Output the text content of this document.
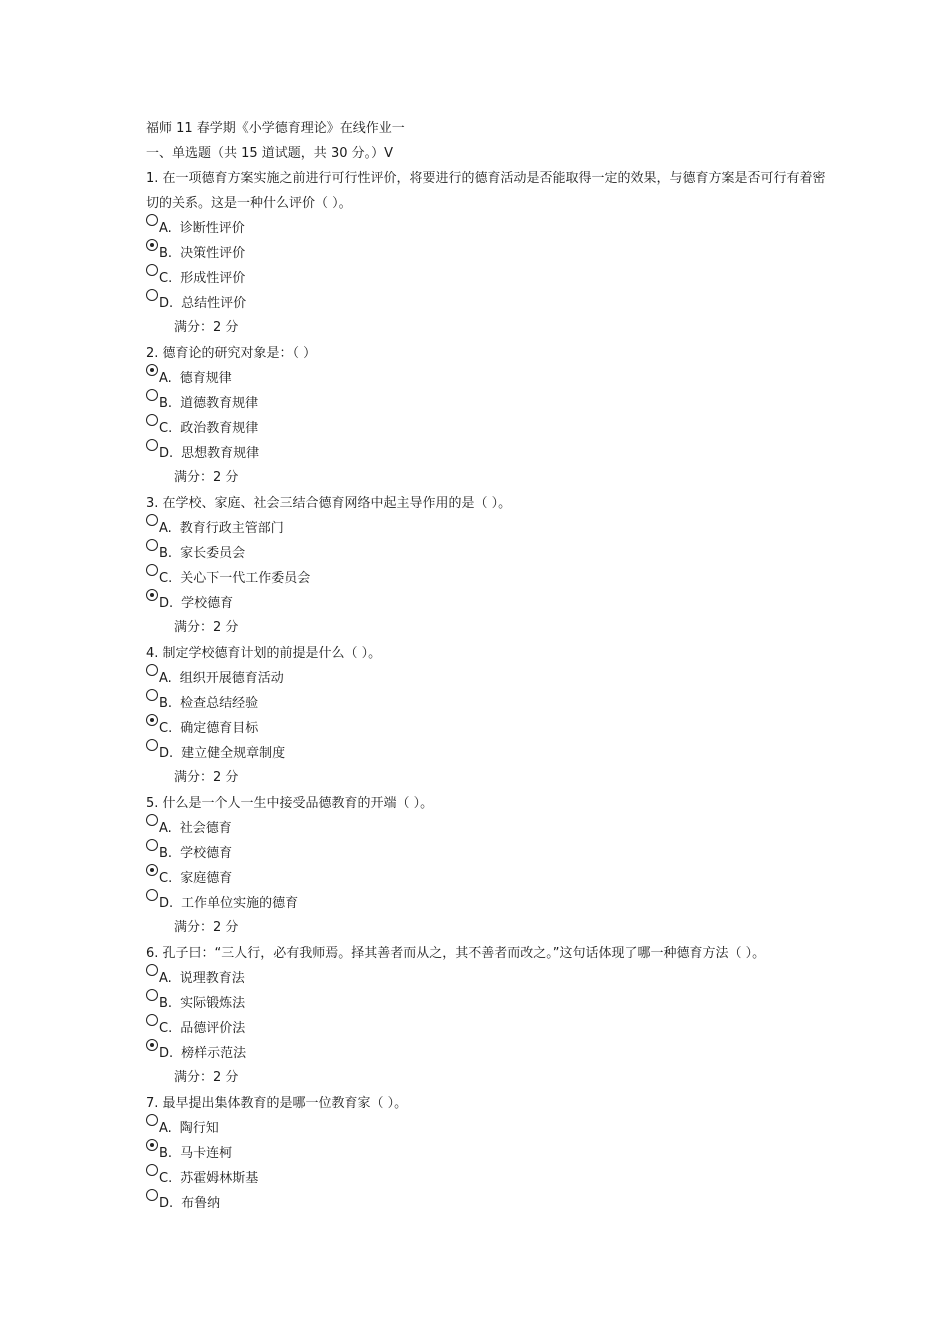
福师 11 春学期《小学德育理论》在线作业一
一、单选题（共 15 道试题，共 30 分。）V
1. 在一项德育方案实施之前进行可行性评价，将要进行的德育活动是否能取得一定的效果，与德育方案是否可行有着密切的关系。这是一种什么评价（ ）。
A. 诊断性评价
B. 决策性评价
C. 形成性评价
D. 总结性评价
满分：2 分
2. 德育论的研究对象是：（ ）
A. 德育规律
B. 道德教育规律
C. 政治教育规律
D. 思想教育规律
满分：2 分
3. 在学校、家庭、社会三结合德育网络中起主导作用的是（ ）。
A. 教育行政主管部门
B. 家长委员会
C. 关心下一代工作委员会
D. 学校德育
满分：2 分
4. 制定学校德育计划的前提是什么（ ）。
A. 组织开展德育活动
B. 检查总结经验
C. 确定德育目标
D. 建立健全规章制度
满分：2 分
5. 什么是一个人一生中接受品德教育的开端（ ）。
A. 社会德育
B. 学校德育
C. 家庭德育
D. 工作单位实施的德育
满分：2 分
6. 孔子曰：“三人行，必有我师焉。择其善者而从之，其不善者而改之。”这句话体现了哪一种德育方法（ ）。
A. 说理教育法
B. 实际锻炼法
C. 品德评价法
D. 榜样示范法
满分：2 分
7. 最早提出集体教育的是哪一位教育家（ ）。
A. 陶行知
B. 马卡连柯
C. 苏霍姆林斯基
D. 布鲁纳
